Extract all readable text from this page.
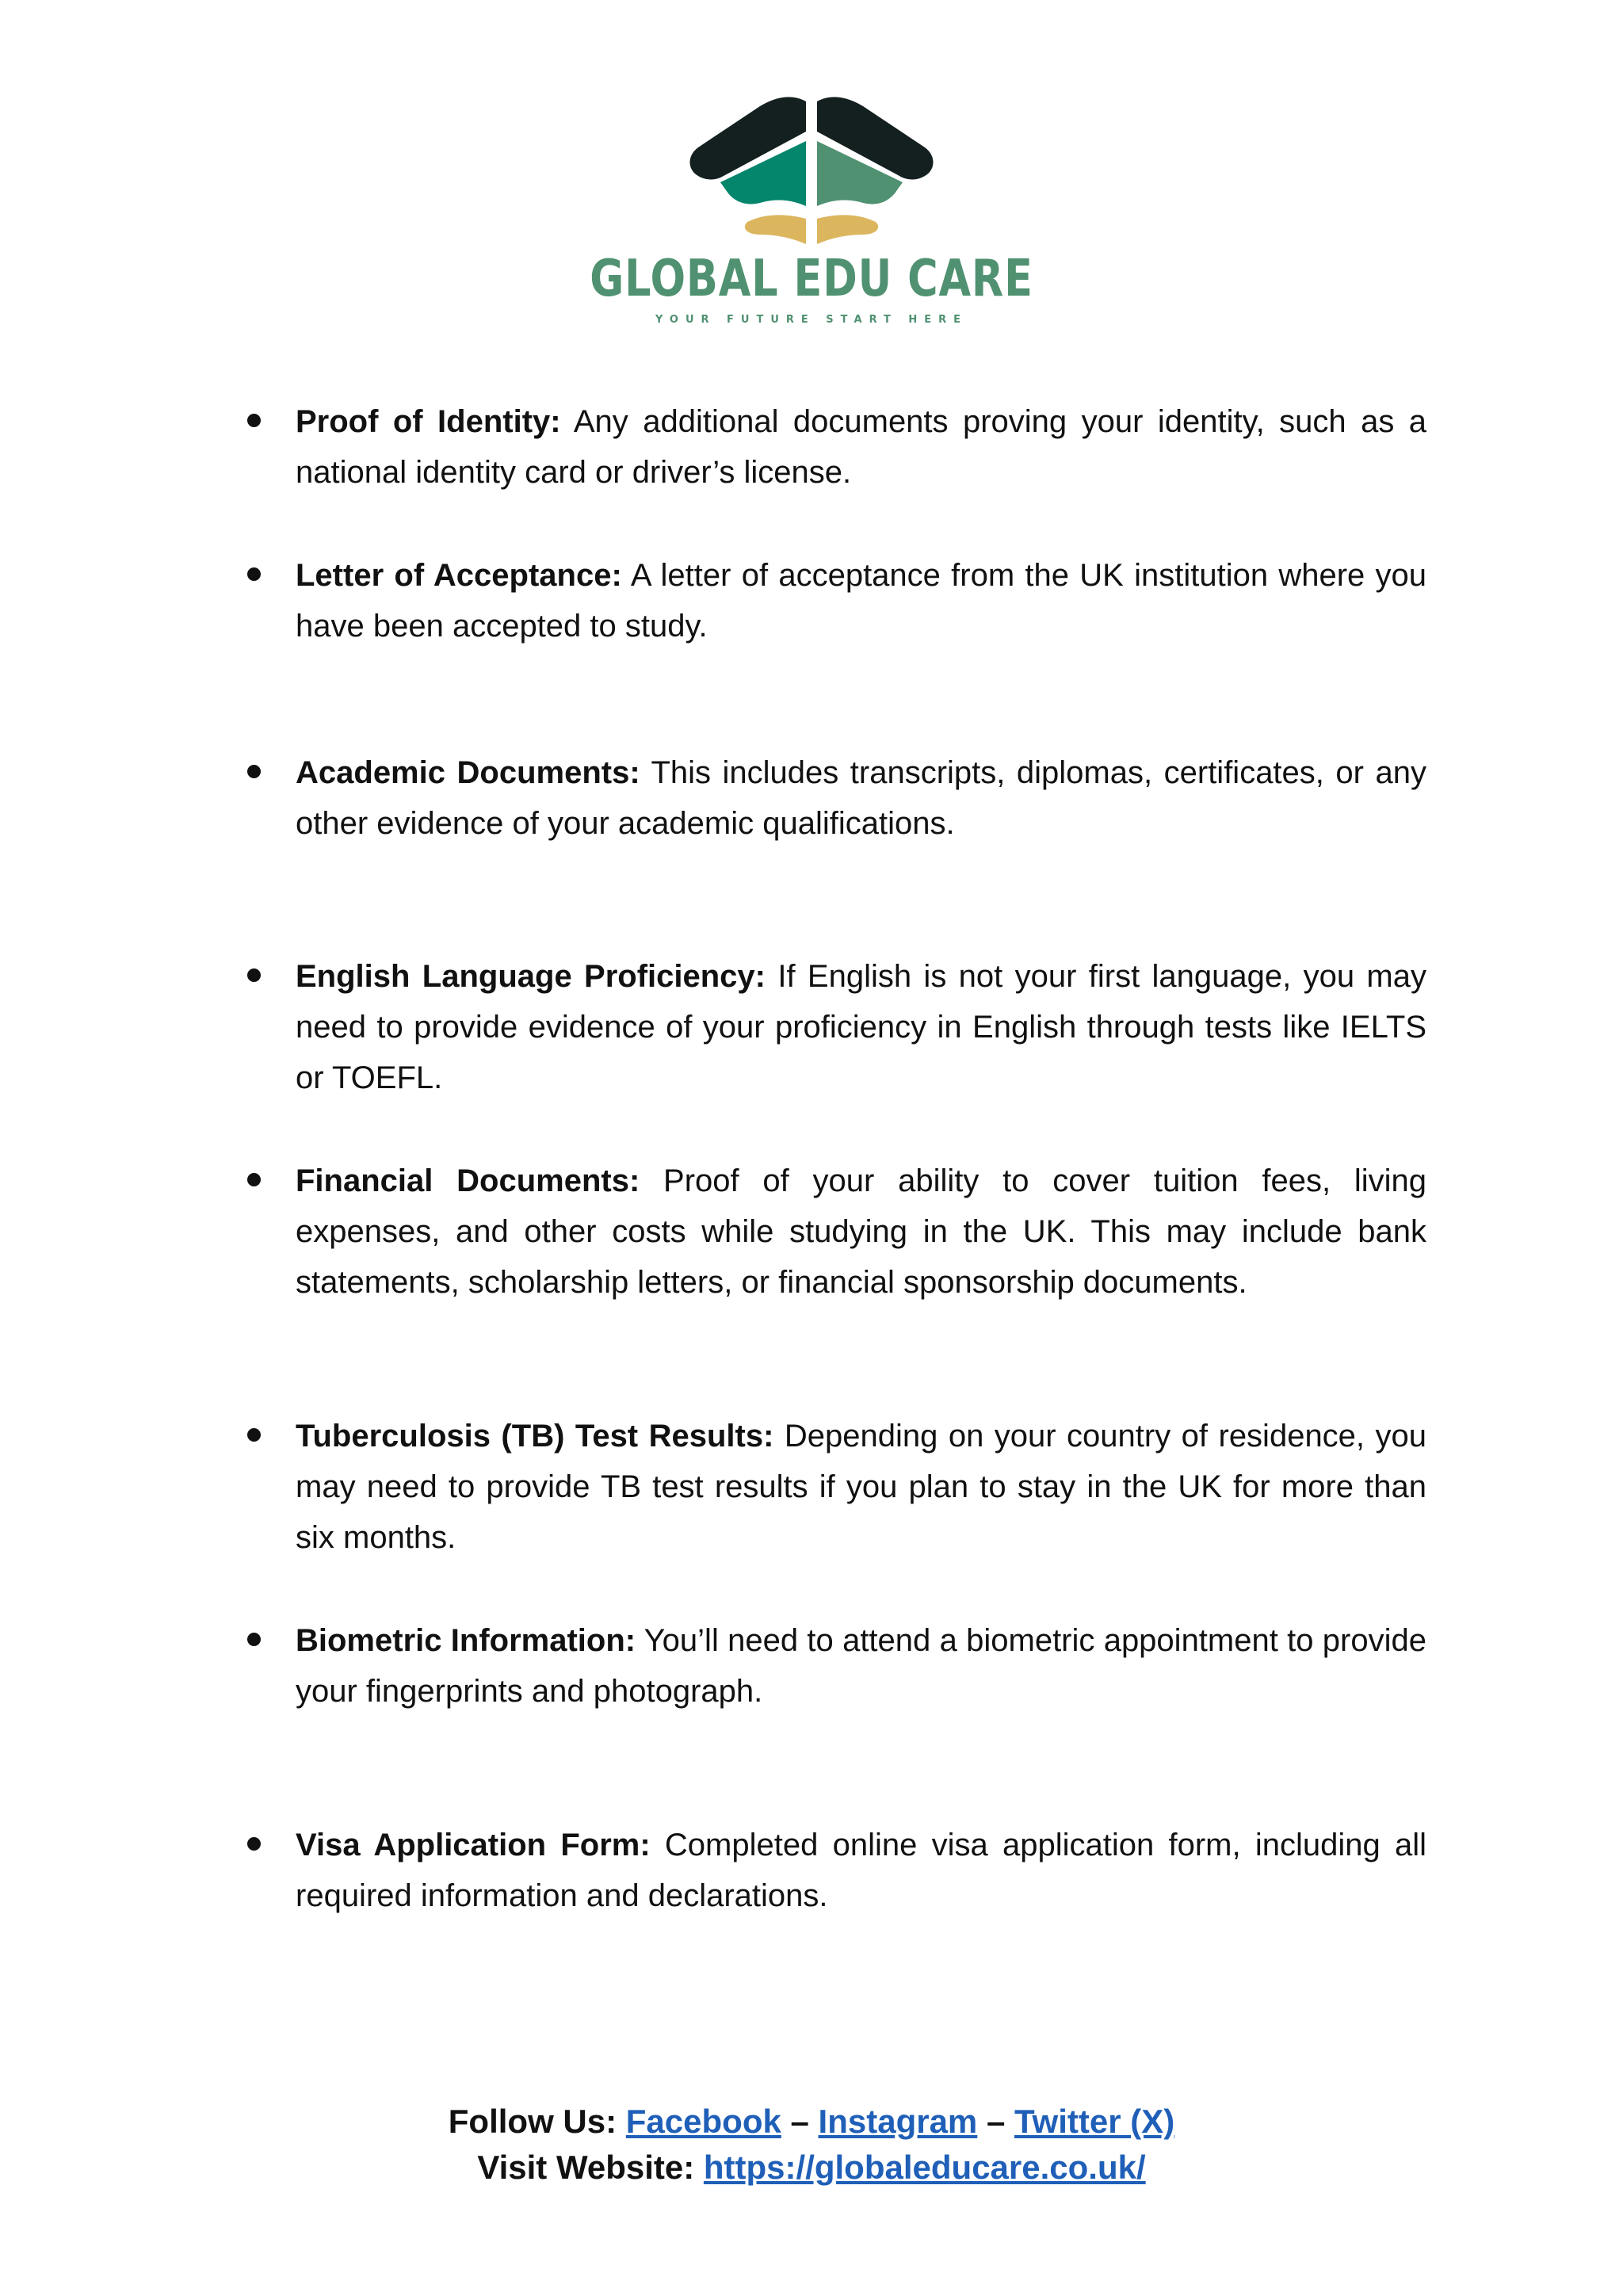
GLOBAL EDU CARE
YOUR FUTURE START HERE
Proof of Identity: Any additional documents proving your identity, such as a national identity card or driver’s license.
Letter of Acceptance: A letter of acceptance from the UK institution where you have been accepted to study.
Academic Documents: This includes transcripts, diplomas, certificates, or any other evidence of your academic qualifications.
English Language Proficiency: If English is not your first language, you may need to provide evidence of your proficiency in English through tests like IELTS or TOEFL.
Financial Documents: Proof of your ability to cover tuition fees, living expenses, and other costs while studying in the UK. This may include bank statements, scholarship letters, or financial sponsorship documents.
Tuberculosis (TB) Test Results: Depending on your country of residence, you may need to provide TB test results if you plan to stay in the UK for more than six months.
Biometric Information: You’ll need to attend a biometric appointment to provide your fingerprints and photograph.
Visa Application Form: Completed online visa application form, including all required information and declarations.
Follow Us: Facebook – Instagram – Twitter (X)
Visit Website: https://globaleducare.co.uk/
